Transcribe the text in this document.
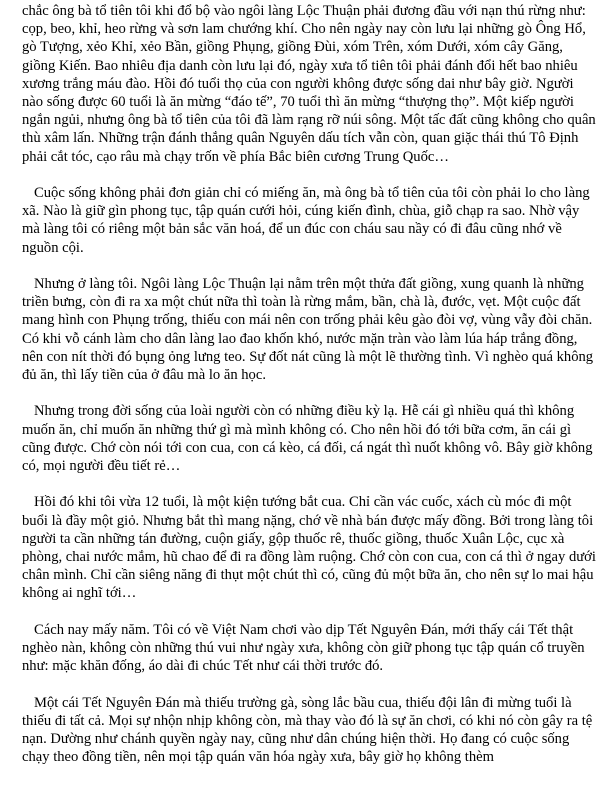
chắc ông bà tổ tiên tôi khi đổ bộ vào ngôi làng Lộc Thuận phải đương đầu với nạn thú rừng như: cọp, beo, khỉ, heo rừng và sơn lam chướng khí. Cho nên ngày nay còn lưu lại những gò Ông Hổ, gò Tượng, xẻo Khỉ, xẻo Bần, giồng Phụng, giồng Đùi, xóm Trên, xóm Dưới, xóm cây Găng, giồng Kiến. Bao nhiêu địa danh còn lưu lại đó, ngày xưa tổ tiên tôi phải đánh đổi hết bao nhiêu xương trắng máu đào. Hồi đó tuổi thọ của con người không được sống dai như bây giờ. Người nào sống được 60 tuổi là ăn mừng “đáo tế”, 70 tuổi thì ăn mừng “thượng thọ”. Một kiếp người ngắn ngủi, nhưng ông bà tổ tiên của tôi đã làm rạng rỡ núi sông. Một tấc đất cũng không cho quân thù xâm lấn. Những trận đánh thắng quân Nguyên dấu tích vẫn còn, quan giặc thái thú Tô Định phải cắt tóc, cạo râu mà chạy trốn về phía Bắc biên cương Trung Quốc…

Cuộc sống không phải đơn giản chỉ có miếng ăn, mà ông bà tổ tiên của tôi còn phải lo cho làng xã. Nào là giữ gìn phong tục, tập quán cưới hỏi, cúng kiến đình, chùa, giỗ chạp ra sao. Nhờ vậy mà làng tôi có riêng một bản sắc văn hoá, để un đúc con cháu sau nầy có đi đâu cũng nhớ về nguồn cội.

Nhưng ở làng tôi. Ngôi làng Lộc Thuận lại nằm trên một thửa đất giồng, xung quanh là những triền bưng, còn đi ra xa một chút nữa thì toàn là rừng mắm, bần, chà là, đước, vẹt. Một cuộc đất mang hình con Phụng trống, thiếu con mái nên con trống phải kêu gào đòi vợ, vùng vẫy đòi chăn. Có khi vỗ cánh làm cho dân làng lao đao khốn khó, nước mặn tràn vào làm lúa háp trắng đồng, nên con nít thời đó bụng ỏng lưng teo. Sự đốt nát cũng là một lẽ thường tình. Vì nghèo quá không đủ ăn, thì lấy tiền của ở đâu mà lo ăn học.

Nhưng trong đời sống của loài người còn có những điều kỳ lạ. Hễ cái gì nhiều quá thì không muốn ăn, chỉ muốn ăn những thứ gì mà mình không có. Cho nên hồi đó tới bữa cơm, ăn cái gì cũng được. Chớ còn nói tới con cua, con cá kèo, cá đối, cá ngát thì nuốt không vô. Bây giờ không có, mọi người đều tiết rẻ…

Hồi đó khi tôi vừa 12 tuổi, là một kiện tướng bắt cua. Chỉ cần vác cuốc, xách cù móc đi một buổi là đầy một giỏ. Nhưng bắt thì mang nặng, chớ về nhà bán được mấy đồng. Bởi trong làng tôi người ta cần những tán đường, cuộn giấy, gộp thuốc rê, thuốc giồng, thuốc Xuân Lộc, cục xà phòng, chai nước mắm, hũ chao để đi ra đồng làm ruộng. Chớ còn con cua, con cá thì ở ngay dưới chân mình. Chỉ cần siêng năng đi thụt một chút thì có, cũng đủ một bữa ăn, cho nên sự lo mai hậu không ai nghĩ tới…

Cách nay mấy năm. Tôi có về Việt Nam chơi vào dịp Tết Nguyên Đán, mới thấy cái Tết thật nghèo nàn, không còn những thú vui như ngày xưa, không còn giữ phong tục tập quán cổ truyền như: mặc khăn đống, áo dài đi chúc Tết như cái thời trước đó.

Một cái Tết Nguyên Đán mà thiếu trường gà, sòng lắc bầu cua, thiếu đội lân đi mừng tuổi là thiếu đi tất cả. Mọi sự nhộn nhịp không còn, mà thay vào đó là sự ăn chơi, có khi nó còn gây ra tệ nạn. Dường như chánh quyền ngày nay, cũng như dân chúng hiện thời. Họ đang có cuộc sống chạy theo đồng tiền, nên mọi tập quán văn hóa ngày xưa, bây giờ họ không thèm
